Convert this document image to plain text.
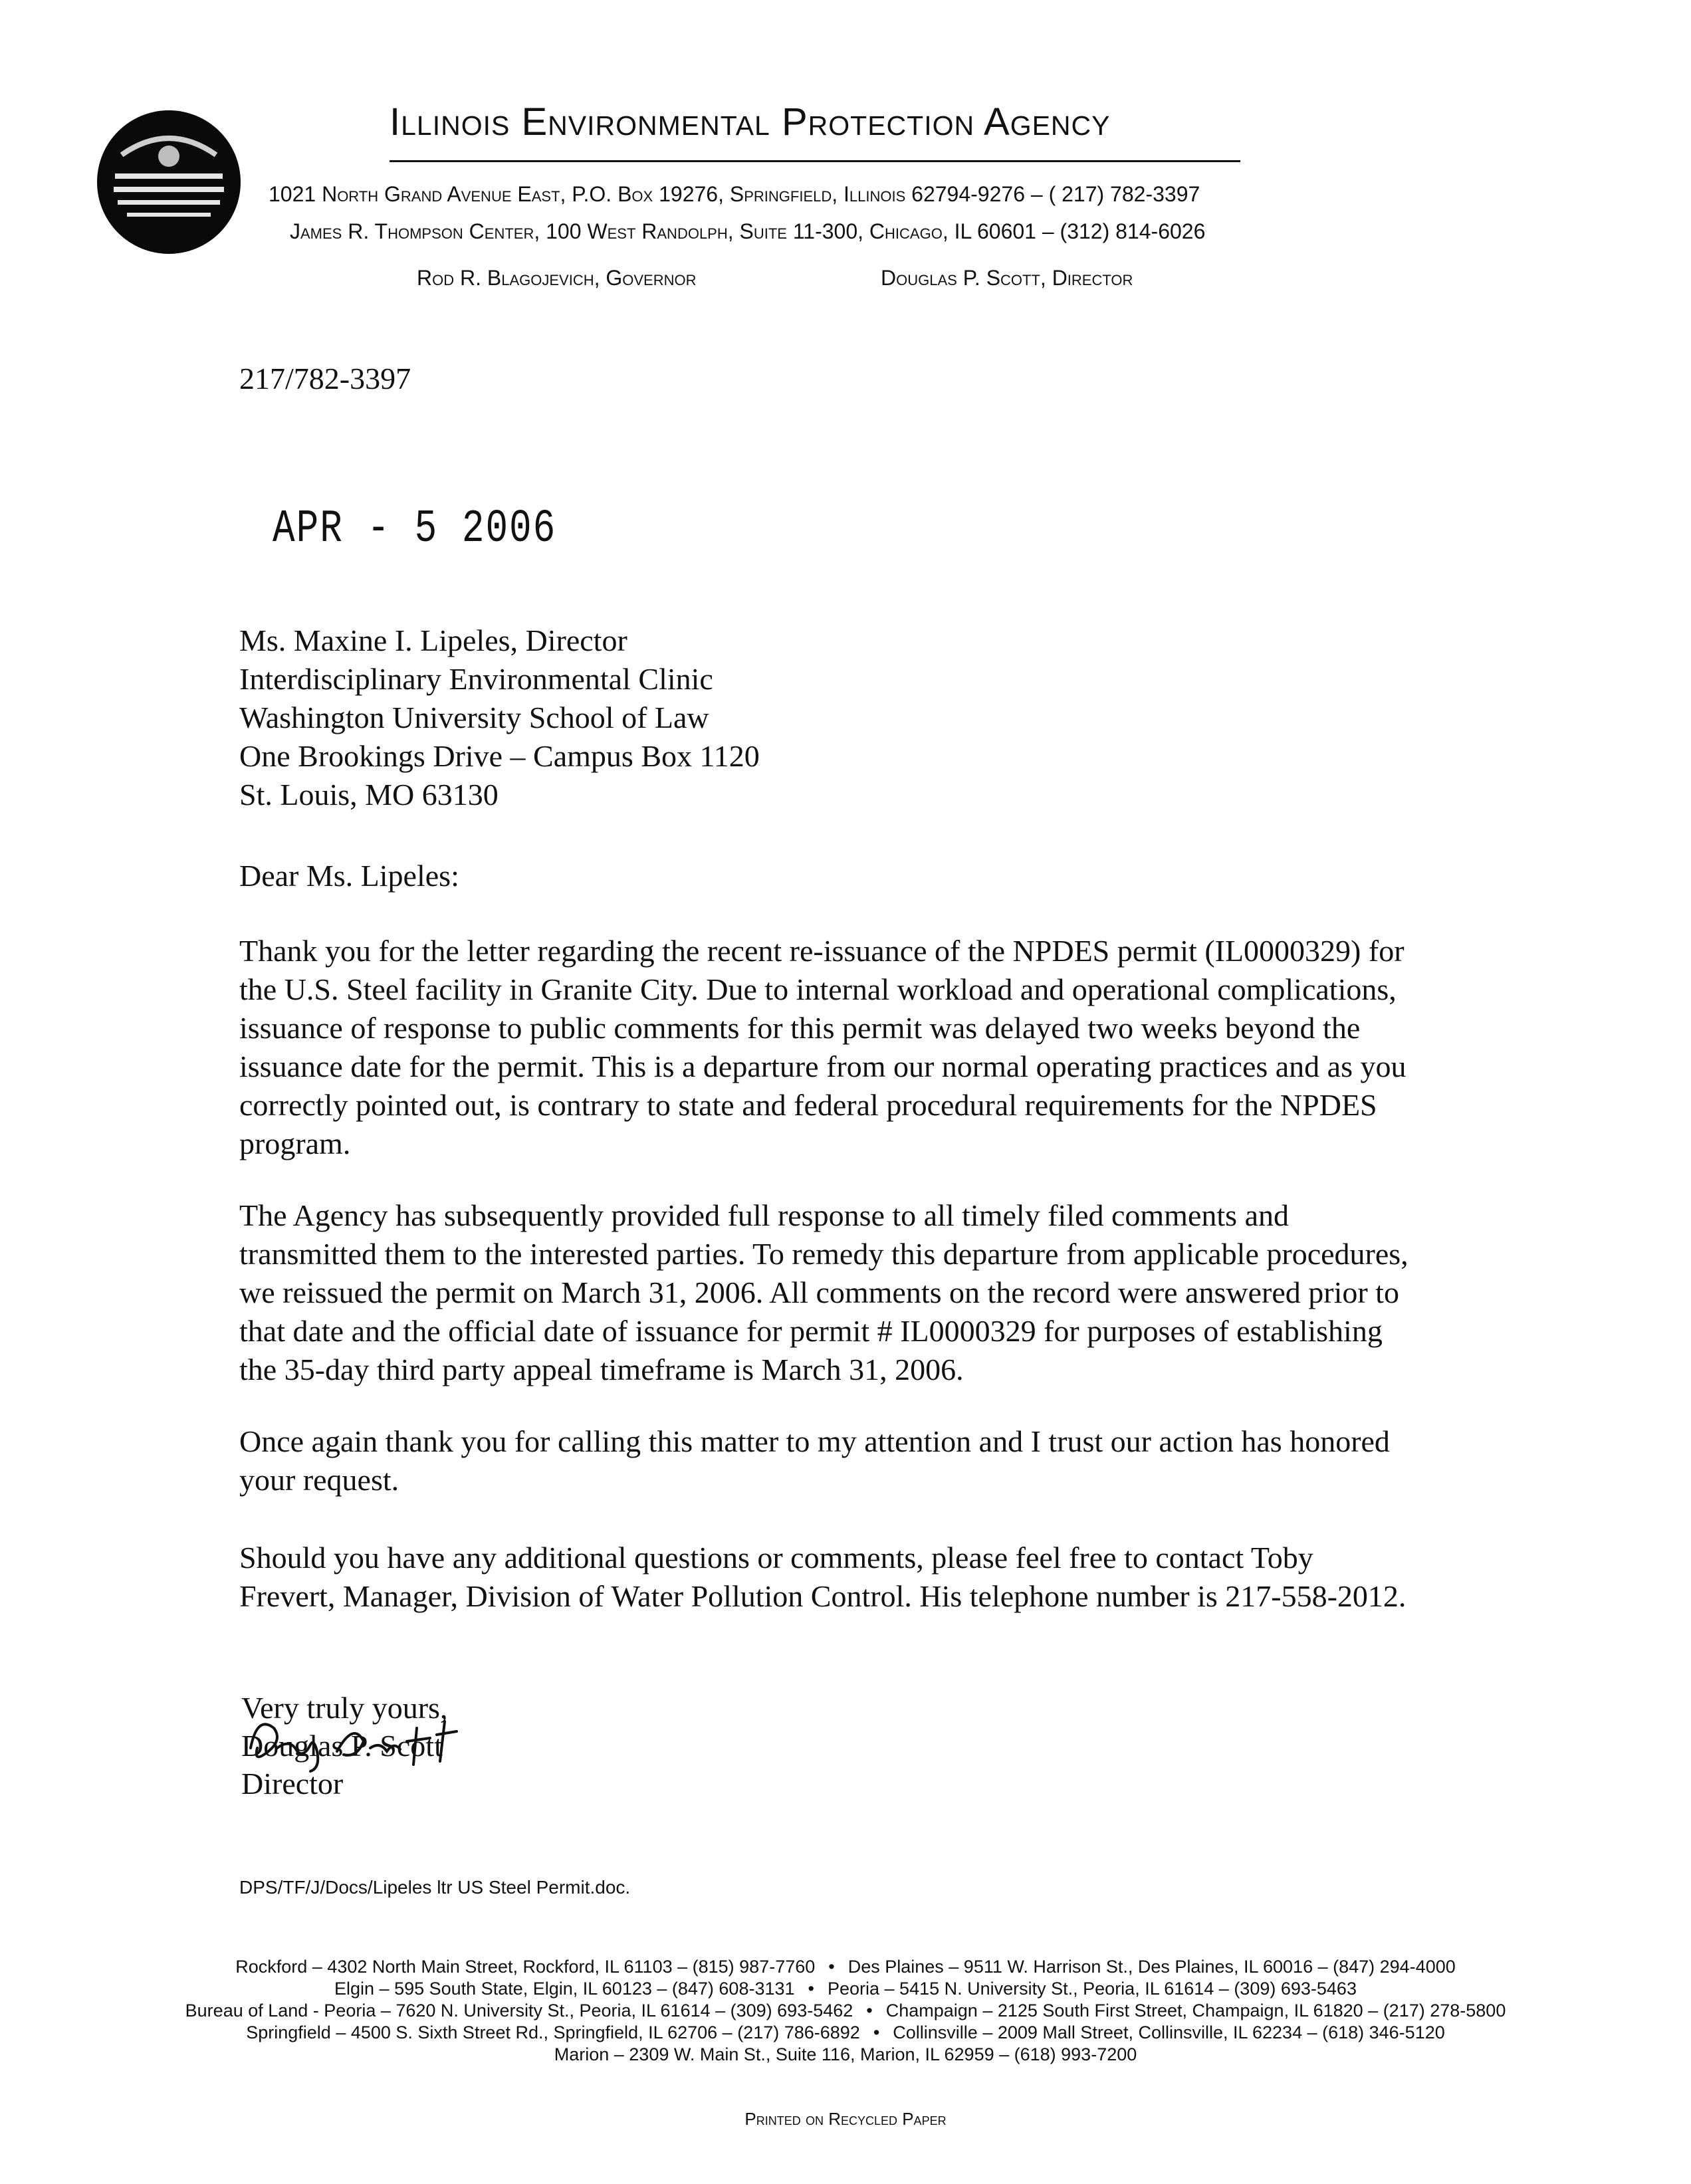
Illinois Environmental Protection Agency
1021 North Grand Avenue East, P.O. Box 19276, Springfield, Illinois 62794-9276 – ( 217) 782-3397
James R. Thompson Center, 100 West Randolph, Suite 11-300, Chicago, IL 60601 – (312) 814-6026
Rod R. Blagojevich, Governor	Douglas P. Scott, Director
217/782-3397
APR - 5 2006
Ms. Maxine I. Lipeles, Director
Interdisciplinary Environmental Clinic
Washington University School of Law
One Brookings Drive – Campus Box 1120
St. Louis, MO 63130
Dear Ms. Lipeles:
Thank you for the letter regarding the recent re-issuance of the NPDES permit (IL0000329) for the U.S. Steel facility in Granite City. Due to internal workload and operational complications, issuance of response to public comments for this permit was delayed two weeks beyond the issuance date for the permit. This is a departure from our normal operating practices and as you correctly pointed out, is contrary to state and federal procedural requirements for the NPDES program.
The Agency has subsequently provided full response to all timely filed comments and transmitted them to the interested parties. To remedy this departure from applicable procedures, we reissued the permit on March 31, 2006. All comments on the record were answered prior to that date and the official date of issuance for permit # IL0000329 for purposes of establishing the 35-day third party appeal timeframe is March 31, 2006.
Once again thank you for calling this matter to my attention and I trust our action has honored your request.
Should you have any additional questions or comments, please feel free to contact Toby Frevert, Manager, Division of Water Pollution Control. His telephone number is 217-558-2012.
Very truly yours,
Douglas P. Scott
Director
DPS/TF/J/Docs/Lipeles ltr US Steel Permit.doc.
Rockford – 4302 North Main Street, Rockford, IL 61103 – (815) 987-7760 • Des Plaines – 9511 W. Harrison St., Des Plaines, IL 60016 – (847) 294-4000
Elgin – 595 South State, Elgin, IL 60123 – (847) 608-3131 • Peoria – 5415 N. University St., Peoria, IL 61614 – (309) 693-5463
Bureau of Land - Peoria – 7620 N. University St., Peoria, IL 61614 – (309) 693-5462 • Champaign – 2125 South First Street, Champaign, IL 61820 – (217) 278-5800
Springfield – 4500 S. Sixth Street Rd., Springfield, IL 62706 – (217) 786-6892 • Collinsville – 2009 Mall Street, Collinsville, IL 62234 – (618) 346-5120
Marion – 2309 W. Main St., Suite 116, Marion, IL 62959 – (618) 993-7200
Printed on Recycled Paper
